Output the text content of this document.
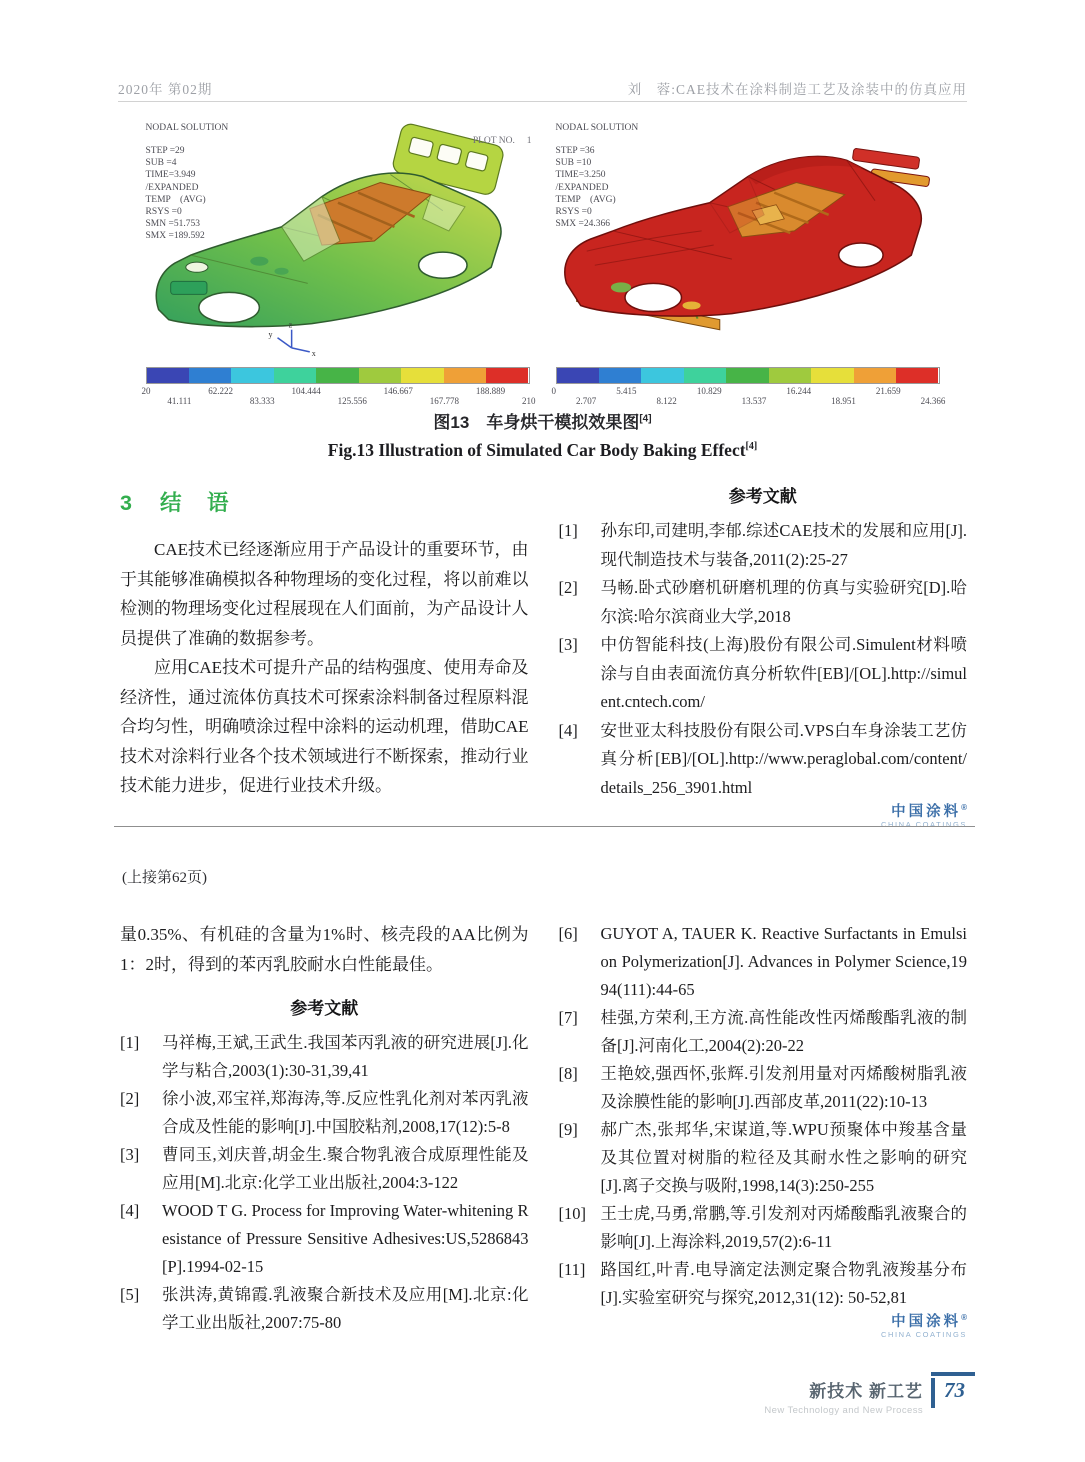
2020年 第02期	刘　蓉:CAE技术在涂料制造工艺及涂装中的仿真应用
z
x
y
NODAL SOLUTION
STEP =29
SUB =4
TIME=3.949
/EXPANDED
TEMP    (AVG)
RSYS =0
SMN =51.753
SMX =189.592
PLOT NO.     1
20
41.111
62.222
83.333
104.444
125.556
146.667
167.778
188.889
210
NODAL SOLUTION
STEP =36
SUB =10
TIME=3.250
/EXPANDED
TEMP    (AVG)
RSYS =0
SMX =24.366
0
2.707
5.415
8.122
10.829
13.537
16.244
18.951
21.659
24.366
图13　车身烘干模拟效果图[4]
Fig.13 Illustration of Simulated Car Body Baking Effect[4]
3 结　语

CAE技术已经逐渐应用于产品设计的重要环节，由于其能够准确模拟各种物理场的变化过程，将以前难以检测的物理场变化过程展现在人们面前，为产品设计人员提供了准确的数据参考。

应用CAE技术可提升产品的结构强度、使用寿命及经济性，通过流体仿真技术可探索涂料制备过程原料混合均匀性，明确喷涂过程中涂料的运动机理，借助CAE技术对涂料行业各个技术领域进行不断探索，推动行业技术能力进步，促进行业技术升级。

参考文献
[1]	孙东印,司建明,李郁.综述CAE技术的发展和应用[J].现代制造技术与装备,2011(2):25-27
[2]	马畅.卧式砂磨机研磨机理的仿真与实验研究[D].哈尔滨:哈尔滨商业大学,2018
[3]	中仿智能科技(上海)股份有限公司.Simulent材料喷涂与自由表面流仿真分析软件[EB]/[OL].http://simulent.cntech.com/
[4]	安世亚太科技股份有限公司.VPS白车身涂装工艺仿真分析[EB]/[OL].http://www.peraglobal.com/content/details_256_3901.html
中国涂料®
CHINA COATINGS
(上接第62页)

量0.35%、有机硅的含量为1%时、核壳段的AA比例为1：2时，得到的苯丙乳胶耐水白性能最佳。

参考文献
[1]	马祥梅,王斌,王武生.我国苯丙乳液的研究进展[J].化学与粘合,2003(1):30-31,39,41
[2]	徐小波,邓宝祥,郑海涛,等.反应性乳化剂对苯丙乳液合成及性能的影响[J].中国胶粘剂,2008,17(12):5-8
[3]	曹同玉,刘庆普,胡金生.聚合物乳液合成原理性能及应用[M].北京:化学工业出版社,2004:3-122
[4]	WOOD T G. Process for Improving Water-whitening Resistance of Pressure Sensitive Adhesives:US,5286843[P].1994-02-15
[5]	张洪涛,黄锦霞.乳液聚合新技术及应用[M].北京:化学工业出版社,2007:75-80
[6]	GUYOT A, TAUER K. Reactive Surfactants in Emulsion Polymerization[J]. Advances in Polymer Science,1994(111):44-65
[7]	桂强,方荣利,王方流.高性能改性丙烯酸酯乳液的制备[J].河南化工,2004(2):20-22
[8]	王艳姣,强西怀,张辉.引发剂用量对丙烯酸树脂乳液及涂膜性能的影响[J].西部皮革,2011(22):10-13
[9]	郝广杰,张邦华,宋谋道,等.WPU预聚体中羧基含量及其位置对树脂的粒径及其耐水性之影响的研究[J].离子交换与吸附,1998,14(3):250-255
[10] 王士虎,马勇,常鹏,等.引发剂对丙烯酸酯乳液聚合的影响[J].上海涂料,2019,57(2):6-11
[11] 路国红,叶青.电导滴定法测定聚合物乳液羧基分布[J].实验室研究与探究,2012,31(12): 50-52,81
中国涂料®
CHINA COATINGS
新技术 新工艺
New Technology and New Process
73
